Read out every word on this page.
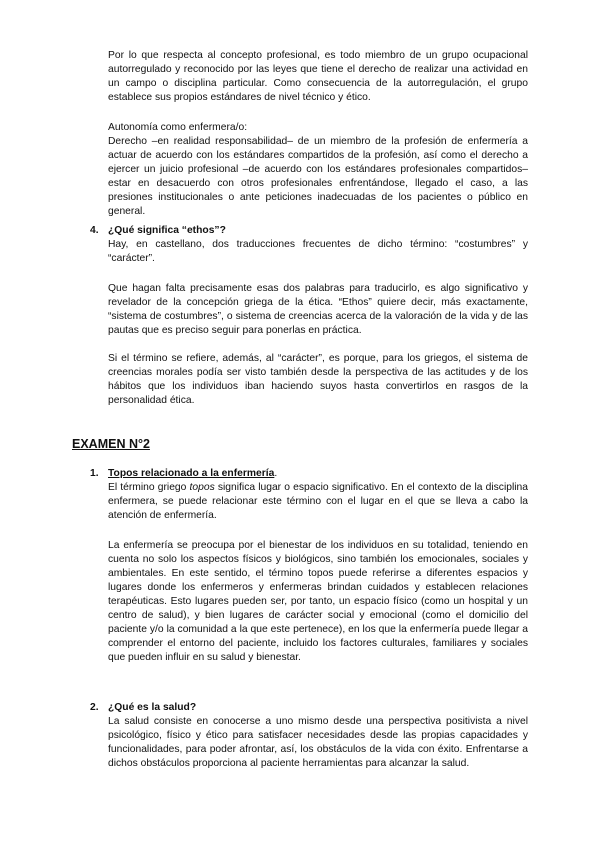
Por lo que respecta al concepto profesional, es todo miembro de un grupo ocupacional autorregulado y reconocido por las leyes que tiene el derecho de realizar una actividad en un campo o disciplina particular. Como consecuencia de la autorregulación, el grupo establece sus propios estándares de nivel técnico y ético.

Autonomía como enfermera/o:

Derecho –en realidad responsabilidad– de un miembro de la profesión de enfermería a actuar de acuerdo con los estándares compartidos de la profesión, así como el derecho a ejercer un juicio profesional –de acuerdo con los estándares profesionales compartidos– estar en desacuerdo con otros profesionales enfrentándose, llegado el caso, a las presiones institucionales o ante peticiones inadecuadas de los pacientes o público en general.

4. ¿Qué significa “ethos”?

Hay, en castellano, dos traducciones frecuentes de dicho término: “costumbres” y “carácter”.

Que hagan falta precisamente esas dos palabras para traducirlo, es algo significativo y revelador de la concepción griega de la ética. “Ethos” quiere decir, más exactamente, “sistema de costumbres”, o sistema de creencias acerca de la valoración de la vida y de las pautas que es preciso seguir para ponerlas en práctica.

Si el término se refiere, además, al “carácter”, es porque, para los griegos, el sistema de creencias morales podía ser visto también desde la perspectiva de las actitudes y de los hábitos que los individuos iban haciendo suyos hasta convertirlos en rasgos de la personalidad ética.

EXAMEN N°2
1. Topos relacionado a la enfermería.

El término griego topos significa lugar o espacio significativo. En el contexto de la disciplina enfermera, se puede relacionar este término con el lugar en el que se lleva a cabo la atención de enfermería.

La enfermería se preocupa por el bienestar de los individuos en su totalidad, teniendo en cuenta no solo los aspectos físicos y biológicos, sino también los emocionales, sociales y ambientales. En este sentido, el término topos puede referirse a diferentes espacios y lugares donde los enfermeros y enfermeras brindan cuidados y establecen relaciones terapéuticas. Esto lugares pueden ser, por tanto, un espacio físico (como un hospital y un centro de salud), y bien lugares de carácter social y emocional (como el domicilio del paciente y/o la comunidad a la que este pertenece), en los que la enfermería puede llegar a comprender el entorno del paciente, incluido los factores culturales, familiares y sociales que pueden influir en su salud y bienestar.

2. ¿Qué es la salud?

La salud consiste en conocerse a uno mismo desde una perspectiva positivista a nivel psicológico, físico y ético para satisfacer necesidades desde las propias capacidades y funcionalidades, para poder afrontar, así, los obstáculos de la vida con éxito. Enfrentarse a dichos obstáculos proporciona al paciente herramientas para alcanzar la salud.
